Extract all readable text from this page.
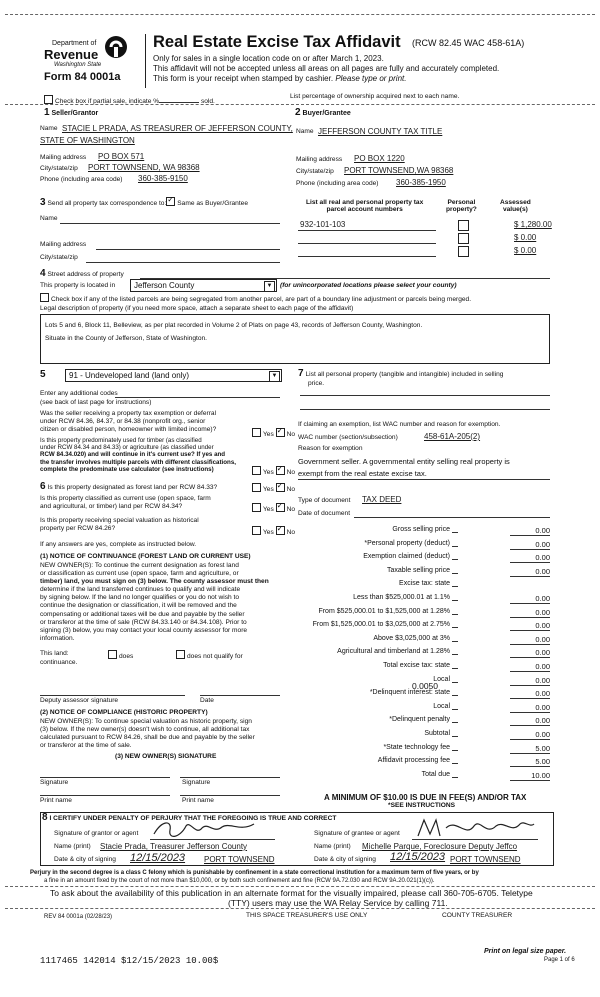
Department of
Revenue
Washington State
Form 84 0001a
Real Estate Excise Tax Affidavit (RCW 82.45 WAC 458-61A)
Only for sales in a single location code on or after March 1, 2023.
This affidavit will not be accepted unless all areas on all pages are fully and accurately completed.
This form is your receipt when stamped by cashier. Please type or print.
Check box if partial sale, indicate %	sold.
List percentage of ownership acquired next to each name.
1 Seller/Grantor
Name STACIE L PRADA, AS TREASURER OF JEFFERSON COUNTY,
STATE OF WASHINGTON
Mailing address PO BOX 571
City/state/zip PORT TOWNSEND, WA 98368
Phone (including area code) 360-385-9150
2 Buyer/Grantee
Name JEFFERSON COUNTY TAX TITLE
Mailing address PO BOX 1220
City/state/zip PORT TOWNSEND,WA 98368
Phone (including area code) 360-385-1950
3 Send all property tax correspondence to: ✓ Same as Buyer/Grantee
Name
Mailing address
City/state/zip
List all real and personal property tax
parcel account numbers
Personal
property?
Assessed
value(s)
932-101-103	$ 1,280.00
$ 0.00
$ 0.00
4 Street address of property
This property is located in	Jefferson County	▼	(for unincorporated locations please select your county)
Check box if any of the listed parcels are being segregated from another parcel, are part of a boundary line adjustment or parcels being merged.
Legal description of property (if you need more space, attach a separate sheet to each page of the affidavit)
Lots 5 and 6, Block 11, Belleview, as per plat recorded in Volume 2 of Plats on page 43, records of Jefferson County, Washington.
Situate in the County of Jefferson, State of Washington.
5	91 - Undeveloped land (land only)	▼
Enter any additional codes
(see back of last page for instructions)
Was the seller receiving a property tax exemption or deferral
under RCW 84.36, 84.37, or 84.38 (nonprofit org., senior
citizen or disabled person, homeowner with limited income)?
Yes ✓ No
Is this property predominately used for timber (as classified
under RCW 84.34 and 84.33) or agriculture (as classified under
RCW 84.34.020) and will continue in it's current use? If yes and
the transfer involves multiple parcels with different classifications,
complete the predominate use calculator (see instructions)	Yes ✓ No
6 Is this property designated as forest land per RCW 84.33?	Yes ✓ No
Is this property classified as current use (open space, farm
and agricultural, or timber) land per RCW 84.34?	Yes ✓ No
Is this property receiving special valuation as historical
property per RCW 84.26?
Yes ✓ No
If any answers are yes, complete as instructed below.
(1) NOTICE OF CONTINUANCE (FOREST LAND OR CURRENT USE)
NEW OWNER(S): To continue the current designation as forest land
or classification as current use (open space, farm and agriculture, or
timber) land, you must sign on (3) below. The county assessor must then
determine if the land transferred continues to qualify and will indicate
by signing below. If the land no longer qualifies or you do not wish to
continue the designation or classification, it will be removed and the
compensating or additional taxes will be due and payable by the seller
or transferor at the time of sale (RCW 84.33.140 or 84.34.108). Prior to
signing (3) below, you may contact your local county assessor for more
information.
This land:	does	does not qualify for
continuance.
Deputy assessor signature	Date
(2) NOTICE OF COMPLIANCE (HISTORIC PROPERTY)
NEW OWNER(S): To continue special valuation as historic property, sign
(3) below. If the new owner(s) doesn't wish to continue, all additional tax
calculated pursuant to RCW 84.26, shall be due and payable by the seller
or transferor at the time of sale.
(3) NEW OWNER(S) SIGNATURE
Signature	Signature
Print name	Print name
7 List all personal property (tangible and intangible) included in selling
price.
If claiming an exemption, list WAC number and reason for exemption.
WAC number (section/subsection)	458-61A-205(2)
Reason for exemption
Government seller. A governmental entity selling real property is
exempt from the real estate excise tax.
Type of document TAX DEED
Date of document
Gross selling price	0.00
*Personal property (deduct)	0.00
Exemption claimed (deduct)	0.00
Taxable selling price	0.00
Excise tax: state
Less than $525,000.01 at 1.1%	0.00
From $525,000.01 to $1,525,000 at 1.28%	0.00
From $1,525,000.01 to $3,025,000 at 2.75%	0.00
Above $3,025,000 at 3%	0.00
Agricultural and timberland at 1.28%	0.00
Total excise tax: state	0.00
Local	0.00
*Delinquent interest: state	0.00
Local	0.00
*Delinquent penalty	0.00
Subtotal	0.00
*State technology fee	5.00
Affidavit processing fee	5.00
Total due	10.00
0.0050
A MINIMUM OF $10.00 IS DUE IN FEE(S) AND/OR TAX
*SEE INSTRUCTIONS
8 I CERTIFY UNDER PENALTY OF PERJURY THAT THE FOREGOING IS TRUE AND CORRECT
Signature of grantor or agent
Name (print) Stacie Prada, Treasurer Jefferson County
Date & city of signing 12/15/2023 PORT TOWNSEND
Signature of grantee or agent
Name (print) Michelle Parque, Foreclosure Deputy Jeffco
Date & city of signing 12/15/2023 PORT TOWNSEND
Perjury in the second degree is a class C felony which is punishable by confinement in a state correctional institution for a maximum term of five years, or by
a fine in an amount fixed by the court of not more than $10,000, or by both such confinement and fine (RCW 9A.72.030 and RCW 9A.20.021(1)(c)).
To ask about the availability of this publication in an alternate format for the visually impaired, please call 360-705-6705. Teletype
(TTY) users may use the WA Relay Service by calling 711.
REV 84 0001a (02/28/23)	THIS SPACE TREASURER'S USE ONLY	COUNTY TREASURER
Print on legal size paper.
Page 1 of 6
1117465 142014 $12/15/2023 10.00$
